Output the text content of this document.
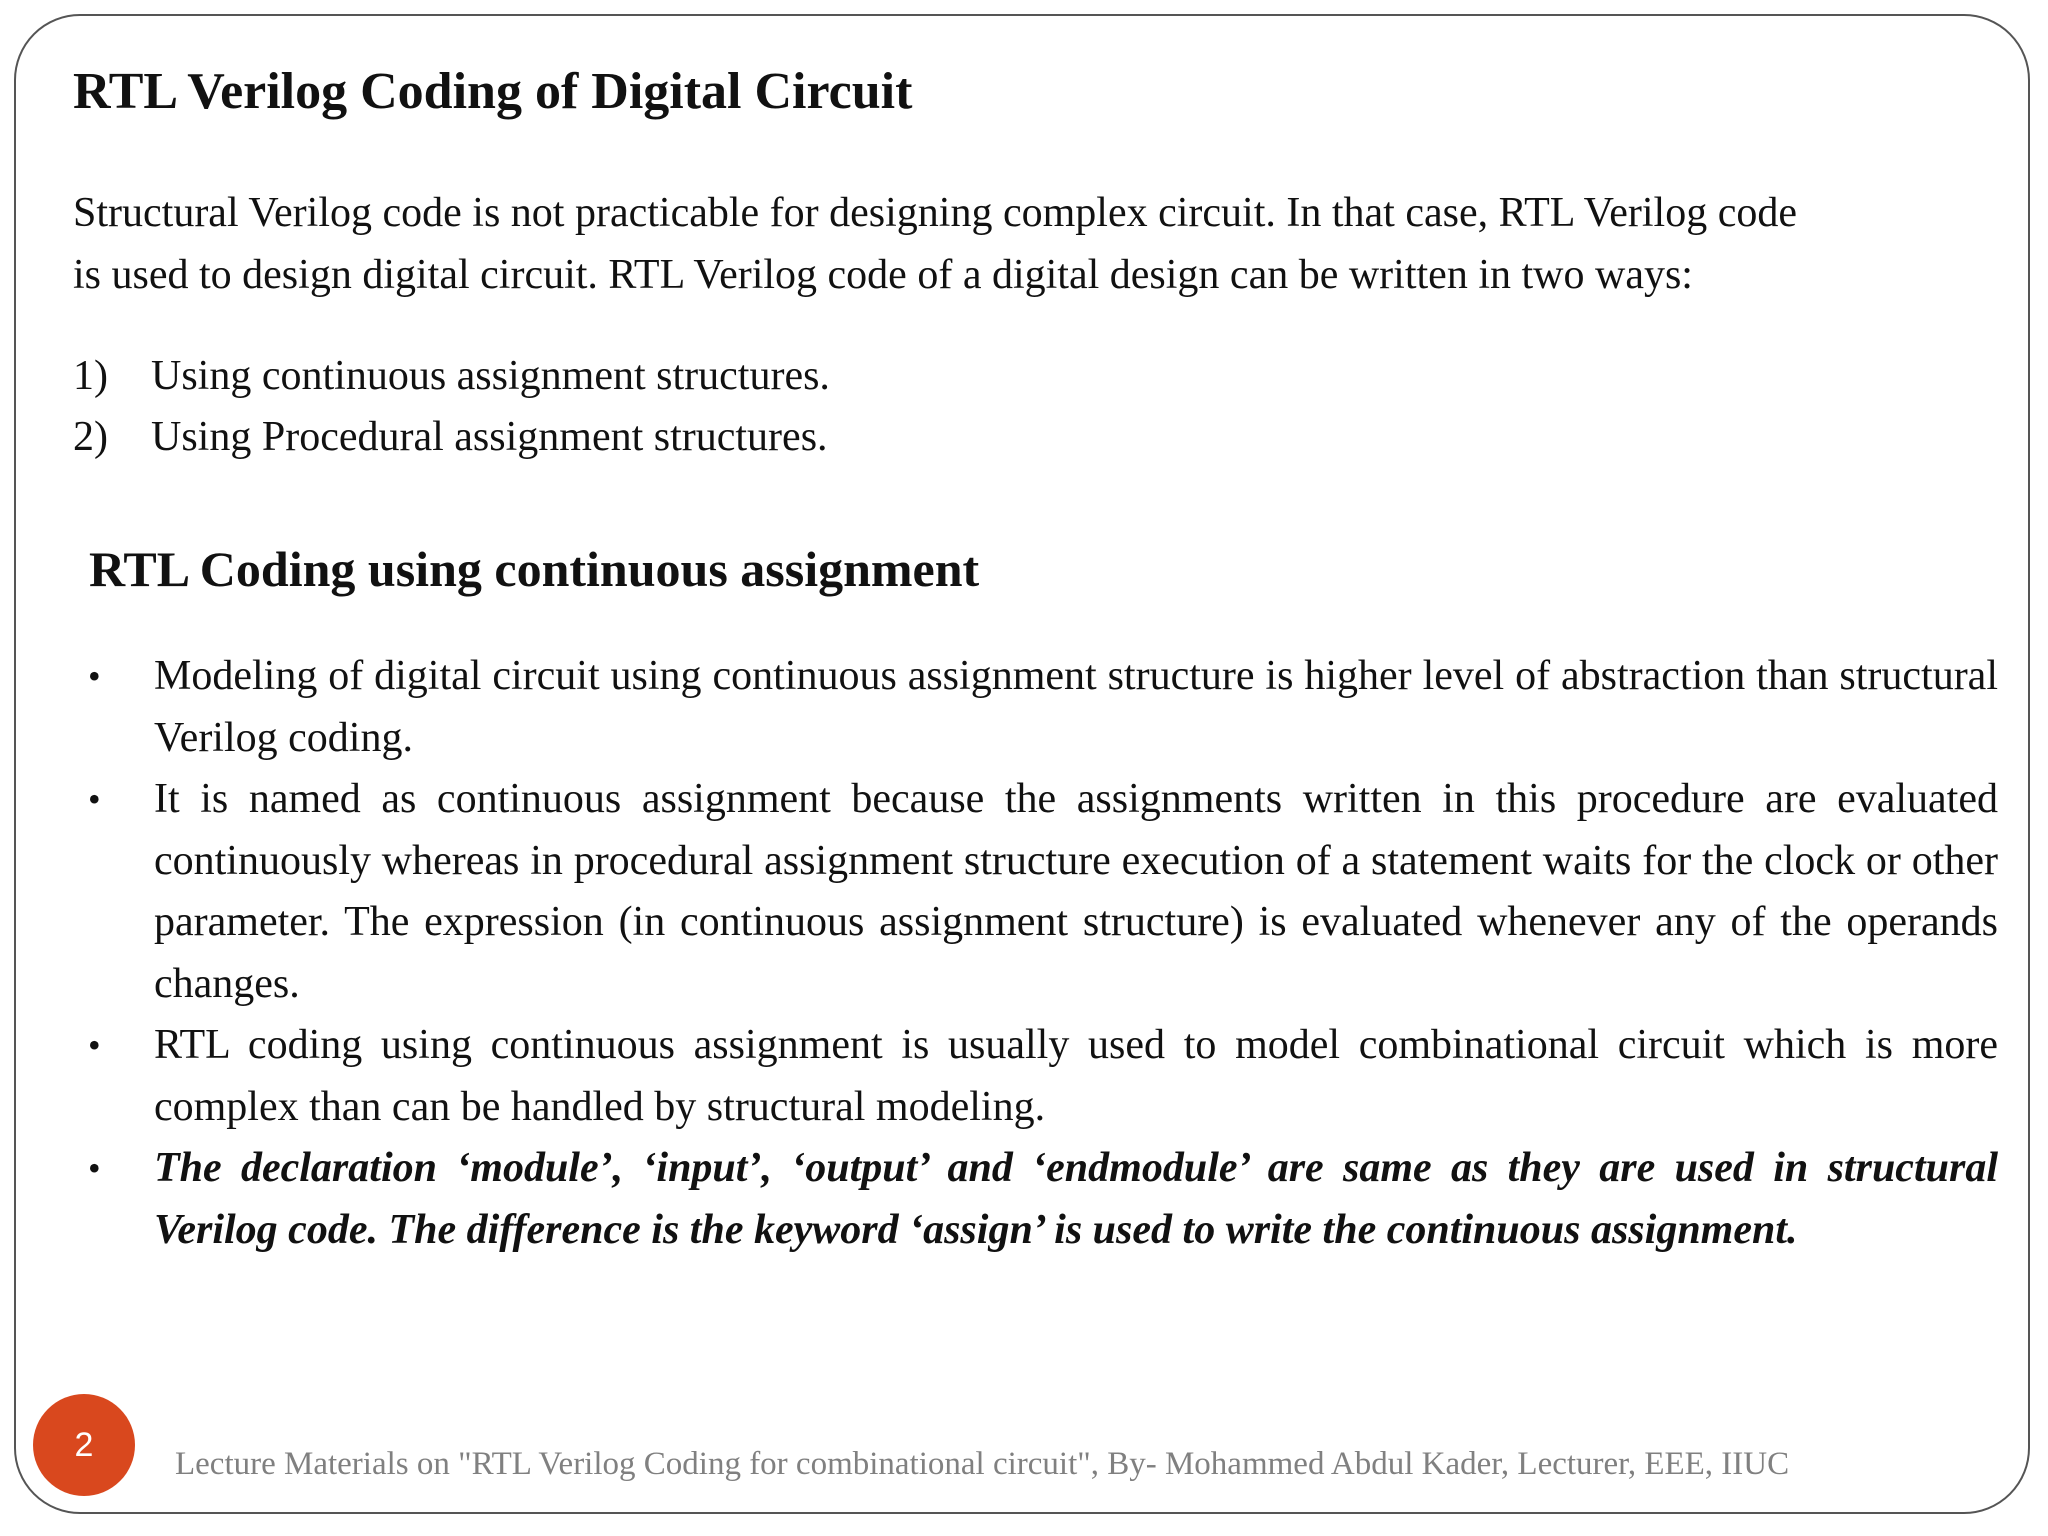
RTL Verilog Coding of Digital Circuit

Structural Verilog code is not practicable for designing complex circuit. In that case, RTL Verilog code
is used to design digital circuit. RTL Verilog code of a digital design can be written in two ways:

1)	Using continuous assignment structures.
2)	Using Procedural assignment structures.
RTL Coding using continuous assignment
•	Modeling of digital circuit using continuous assignment structure is higher level of abstraction than structural Verilog coding.
•	It is named as continuous assignment because the assignments written in this procedure are evaluated continuously whereas in procedural assignment structure execution of a statement waits for the clock or other parameter. The expression (in continuous assignment structure) is evaluated whenever any of the operands changes.
•	RTL coding using continuous assignment is usually used to model combinational circuit which is more complex than can be handled by structural modeling.
•	The declaration ‘module’, ‘input’, ‘output’ and ‘endmodule’ are same as they are used in structural Verilog code. The difference is the keyword ‘assign’ is used to write the continuous assignment.
2
Lecture Materials on "RTL Verilog Coding for combinational circuit", By- Mohammed Abdul Kader, Lecturer, EEE, IIUC
